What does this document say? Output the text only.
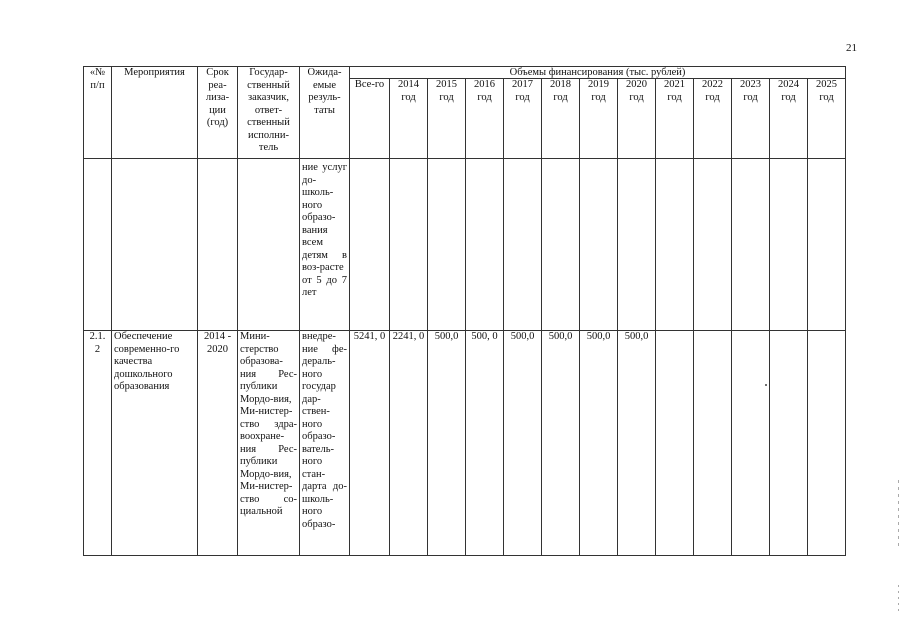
21
«№ п/п	Мероприятия	Срок реа-лиза-ции (год)	Государ-ственный заказчик, ответ-ственный исполни-тель	Ожида-емые резуль-таты	Объемы финансирования (тыс. рублей)												
					Все-го	2014 год	2015 год	2016 год	2017 год	2018 год	2019 год	2020 год	2021 год	2022 год	2023 год	2024 год	2025 год
				ние услуг до-школь-ного образо-вания всем детям в воз-расте от 5 до 7 лет													
2.1. 2	Обеспечение современно-го качества дошкольного образования	2014 - 2020	Мини-стерство образова-ния Рес-публики Мордо-вия, Ми-нистер-ство здра-воохране-ния Рес-публики Мордо-вия, Ми-нистер-ство со-циальной	внедре-ние фе-дераль-ного государ дар-ствен-ного образо-ватель-ного стан-дарта до-школь-ного образо-	5241, 0	2241, 0	500,0	500, 0	500,0	500,0	500,0	500,0					
